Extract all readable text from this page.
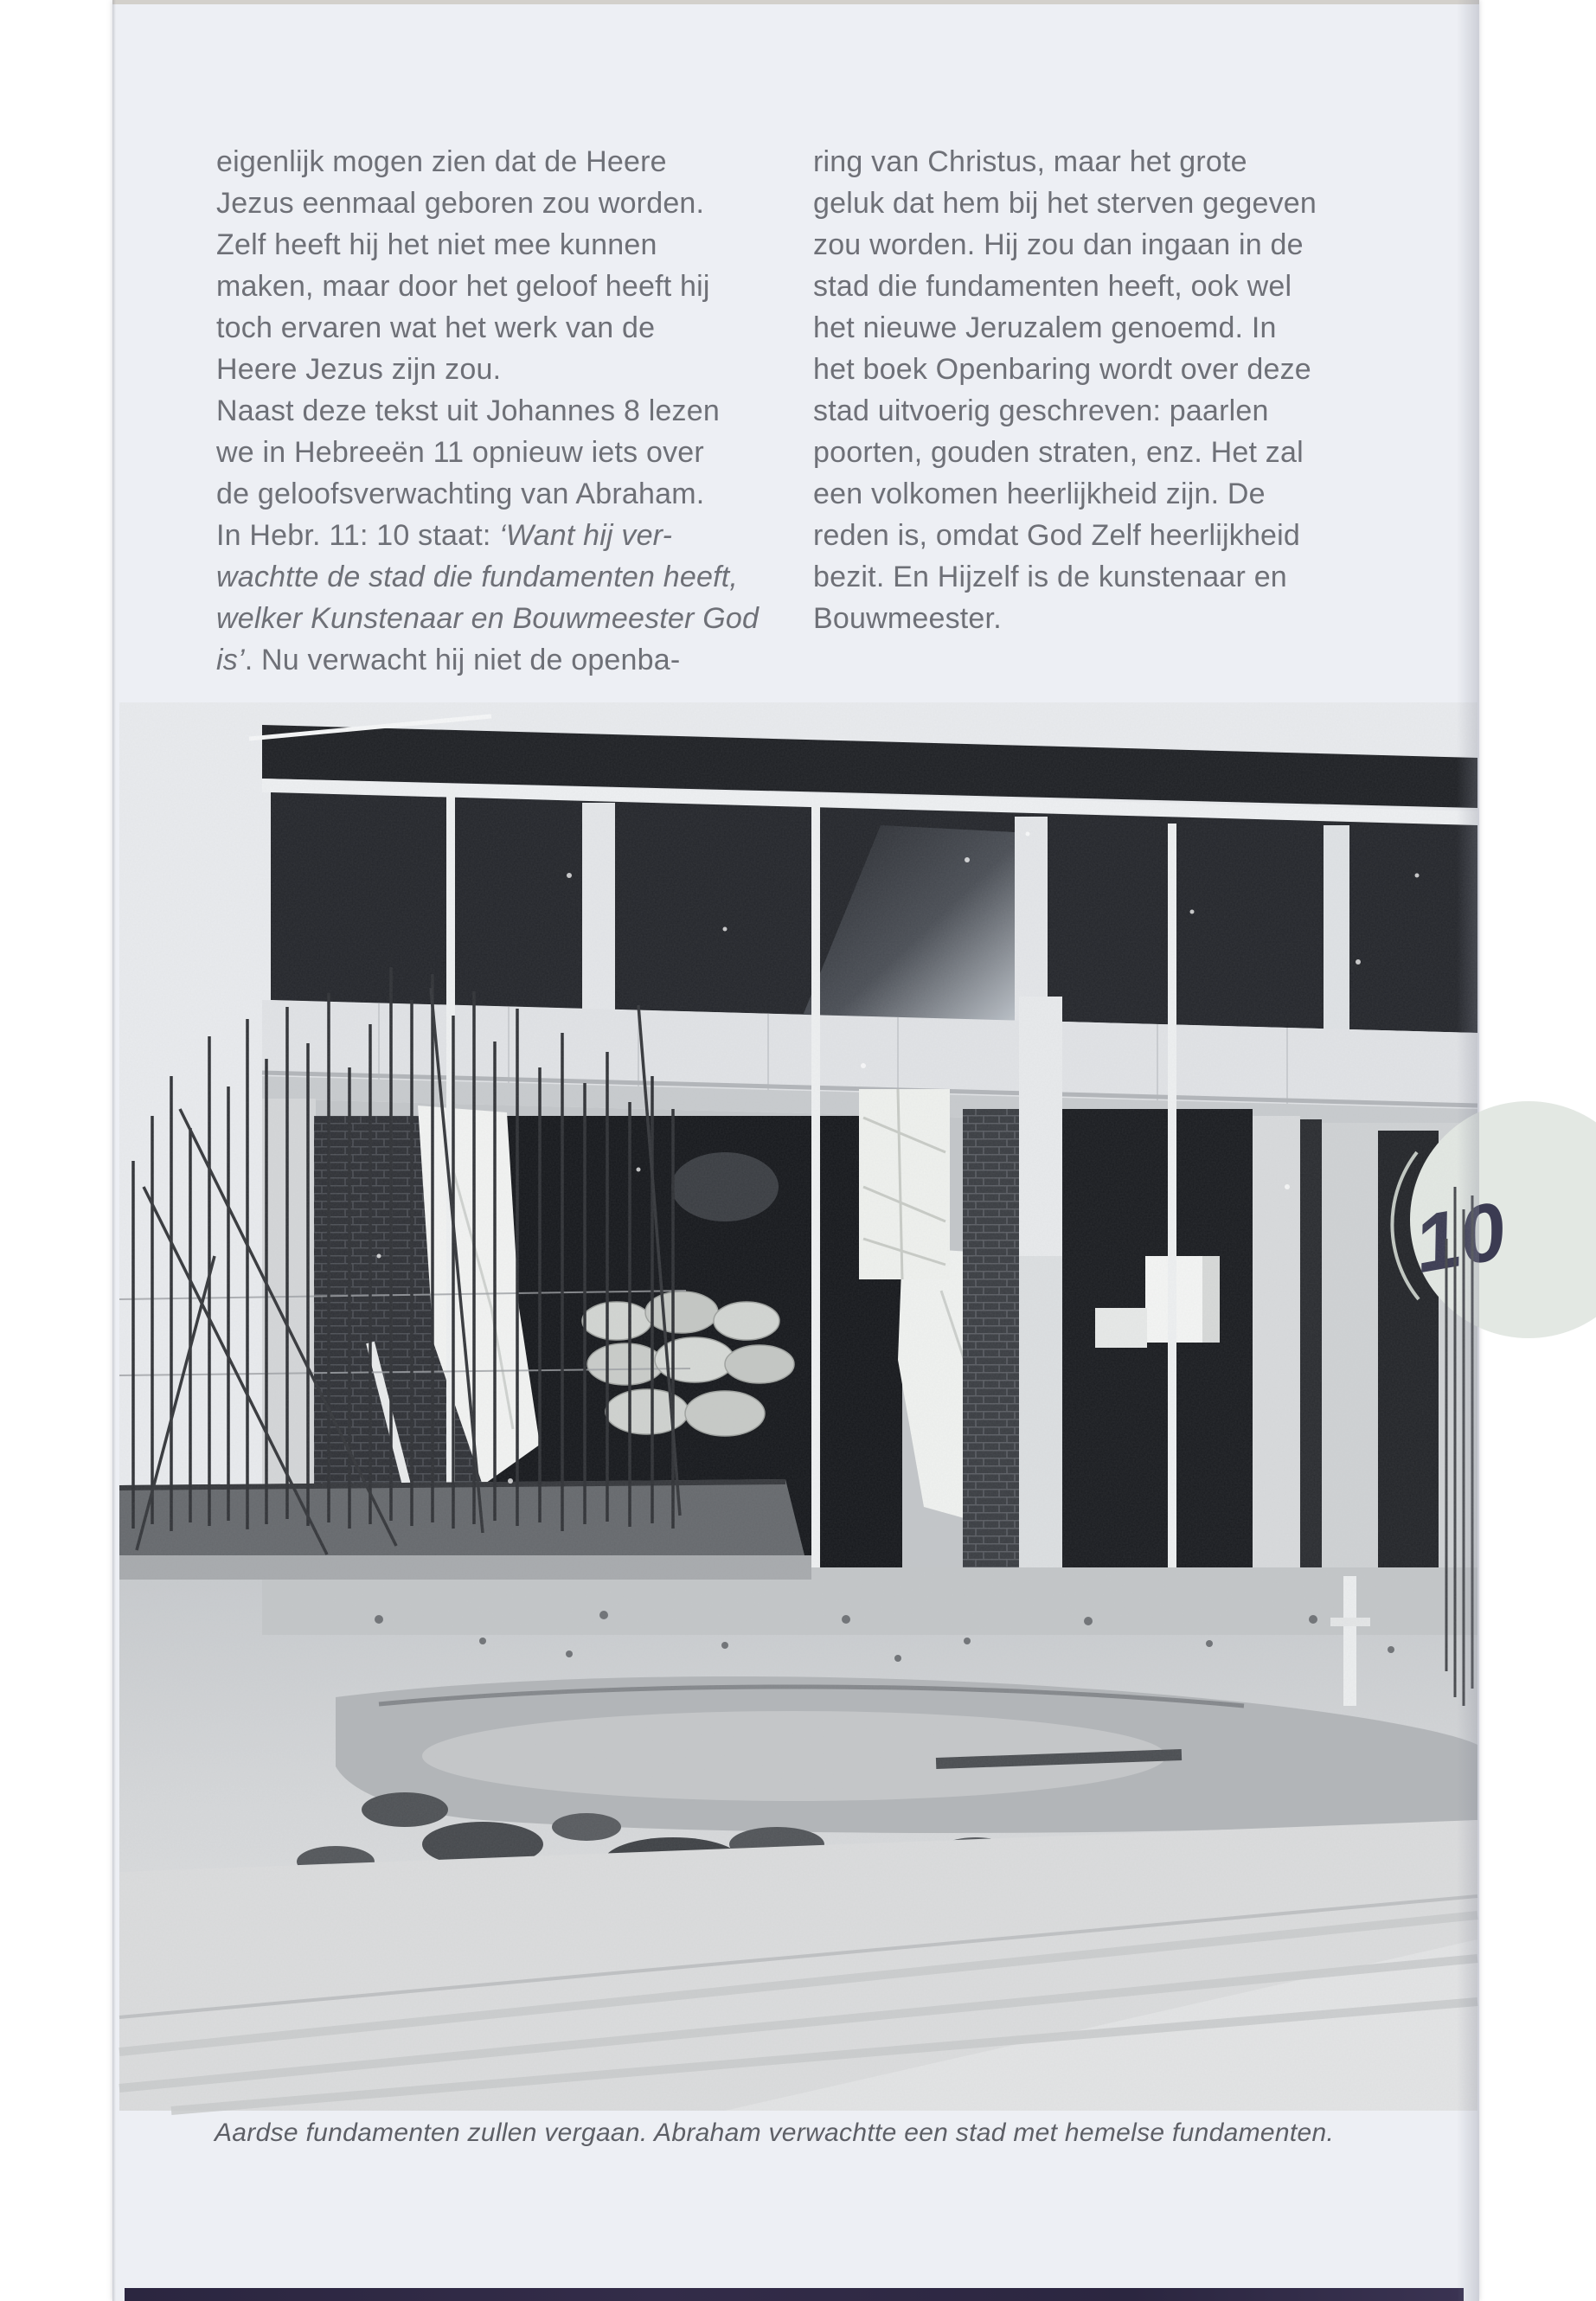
eigenlijk mogen zien dat de Heere
Jezus eenmaal geboren zou worden.
Zelf heeft hij het niet mee kunnen
maken, maar door het geloof heeft hij
toch ervaren wat het werk van de
Heere Jezus zijn zou.
Naast deze tekst uit Johannes 8 lezen
we in Hebreeën 11 opnieuw iets over
de geloofsverwachting van Abraham.
In Hebr. 11: 10 staat: ‘Want hij ver-
wachtte de stad die fundamenten heeft,
welker Kunstenaar en Bouwmeester God
is’. Nu verwacht hij niet de openba-
ring van Christus, maar het grote
geluk dat hem bij het sterven gegeven
zou worden. Hij zou dan ingaan in de
stad die fundamenten heeft, ook wel
het nieuwe Jeruzalem genoemd. In
het boek Openbaring wordt over deze
stad uitvoerig geschreven: paarlen
poorten, gouden straten, enz. Het zal
een volkomen heerlijkheid zijn. De
reden is, omdat God Zelf heerlijkheid
bezit. En Hijzelf is de kunstenaar en
Bouwmeester.
Aardse fundamenten zullen vergaan. Abraham verwachtte een stad met hemelse fundamenten.
